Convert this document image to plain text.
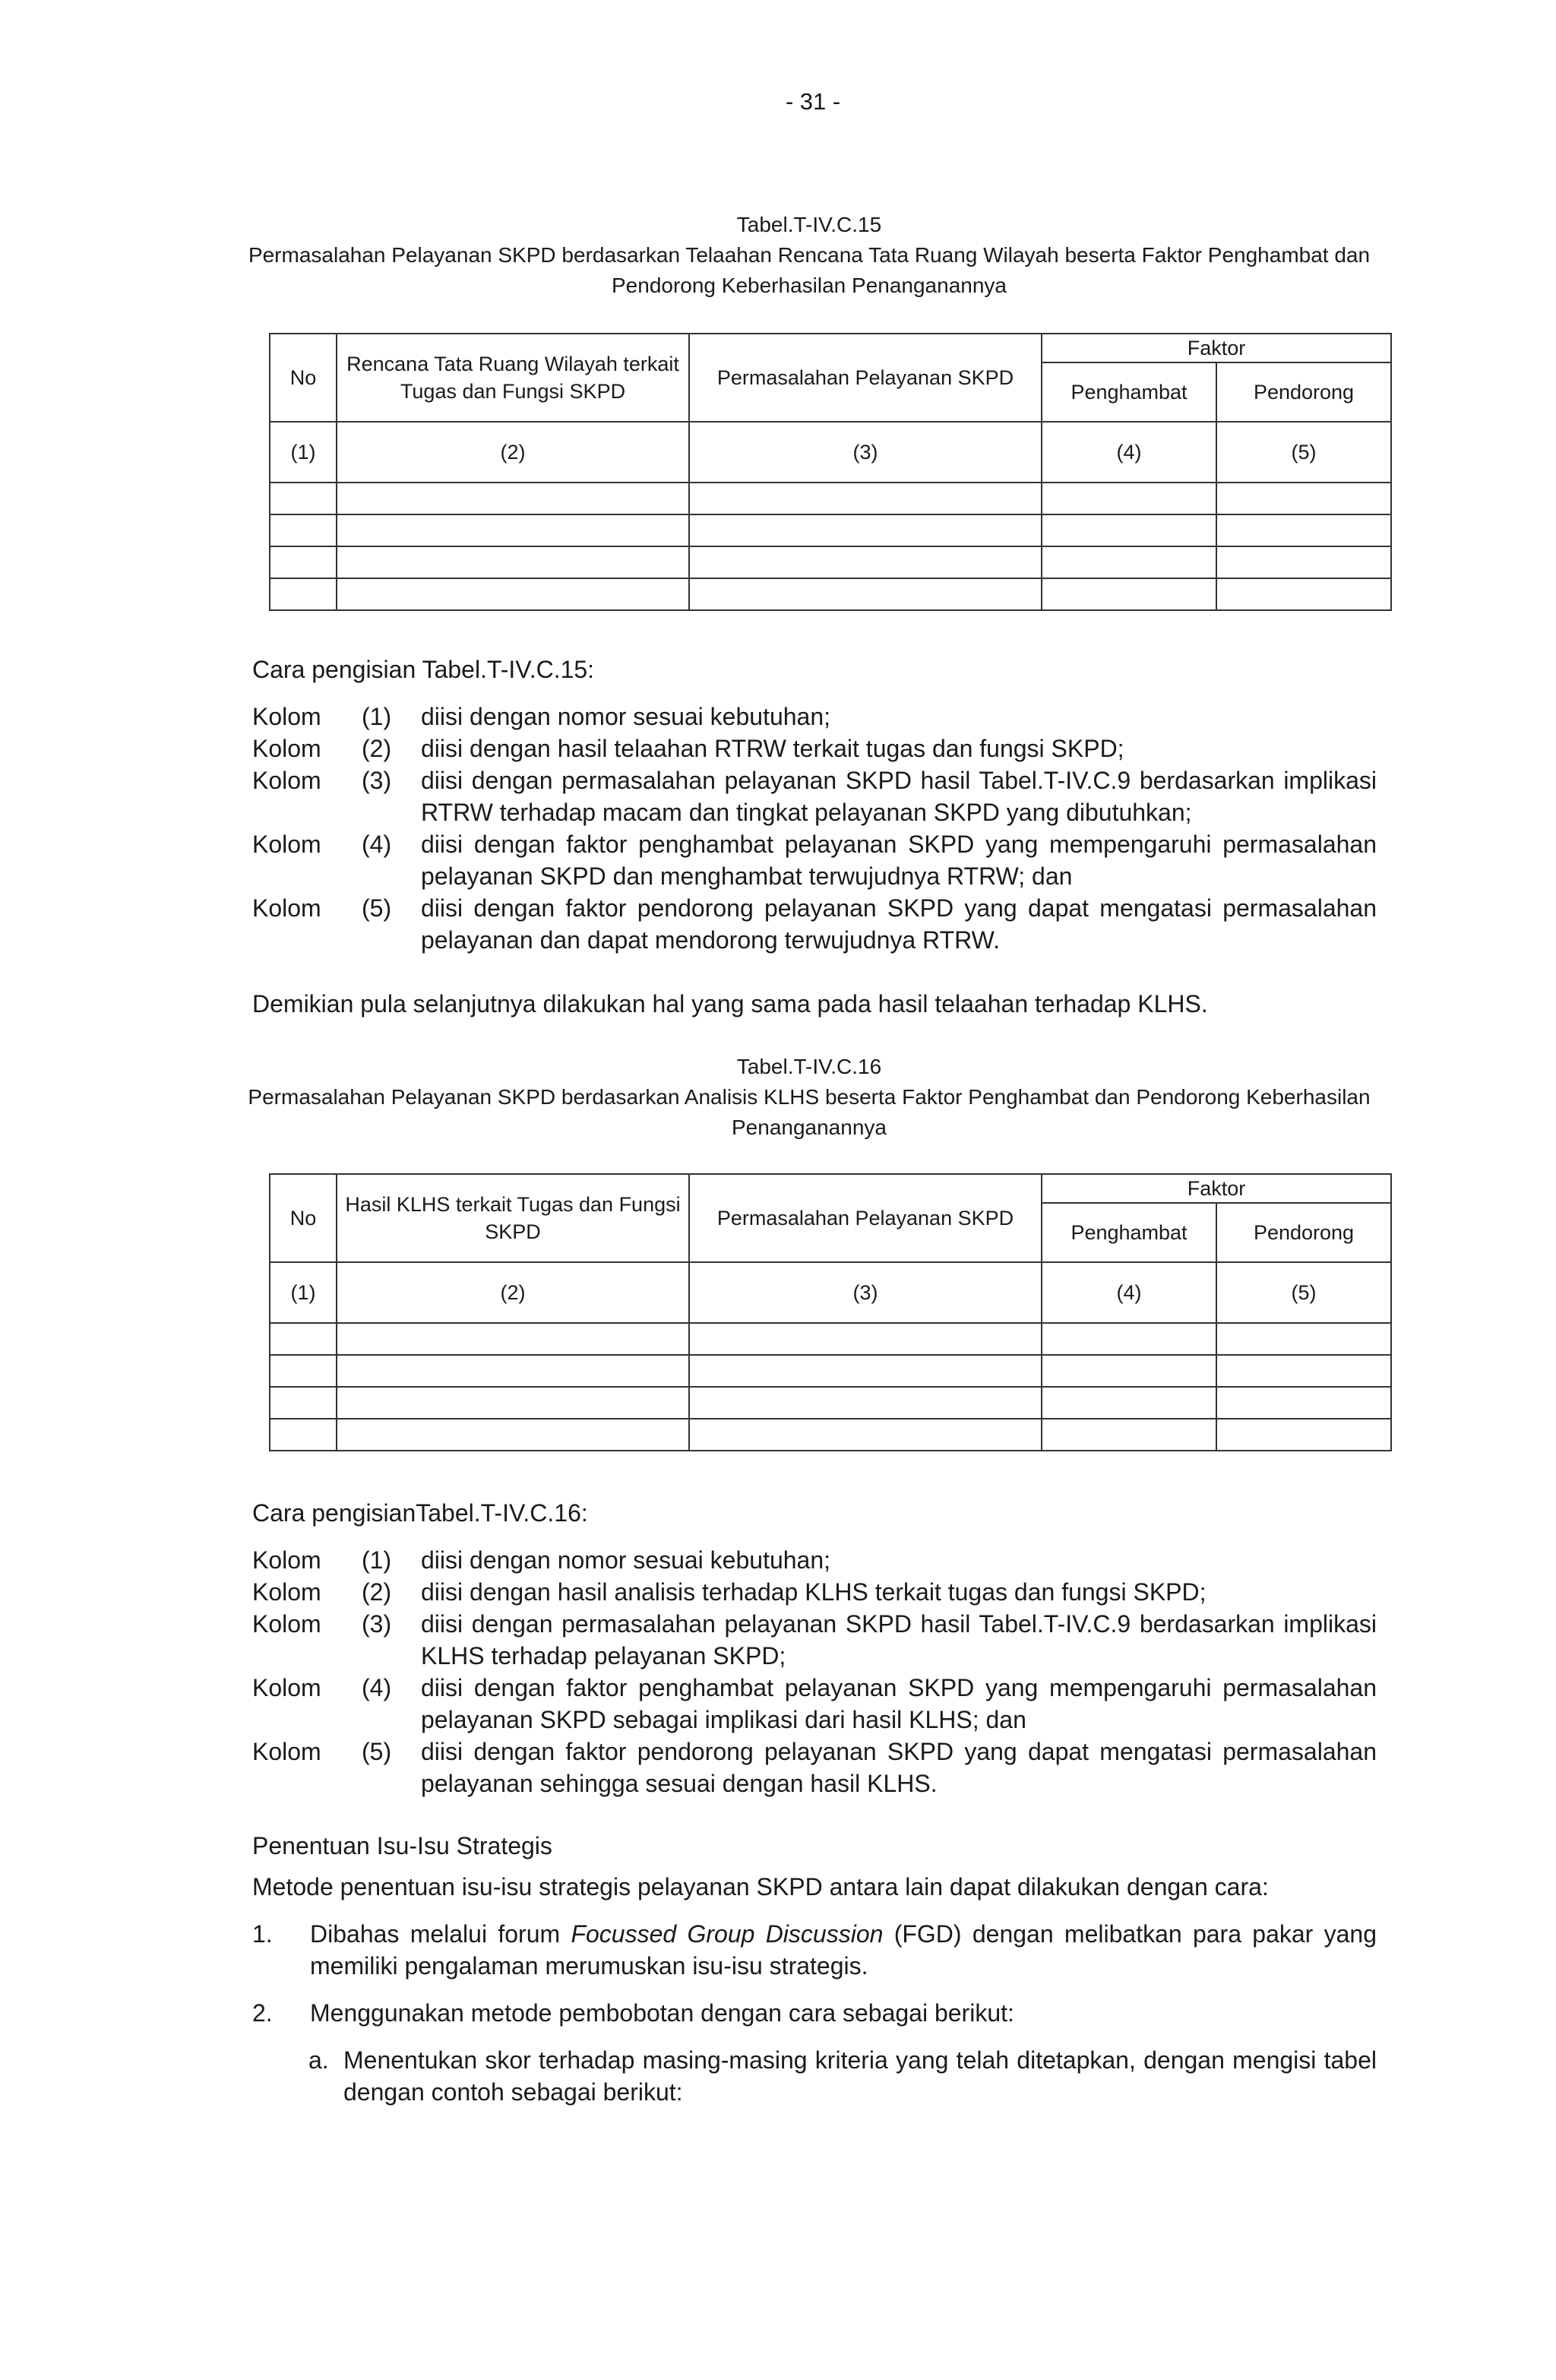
- 31 -
Tabel.T-IV.C.15
Permasalahan Pelayanan SKPD berdasarkan Telaahan Rencana Tata Ruang Wilayah beserta Faktor Penghambat dan Pendorong Keberhasilan Penanganannya
No	Rencana Tata Ruang Wilayah terkait Tugas dan Fungsi SKPD	Permasalahan Pelayanan SKPD	Faktor	
			Penghambat	Pendorong
(1)	(2)	(3)	(4)	(5)

Cara pengisian Tabel.T-IV.C.15:
Kolom	(1)	diisi dengan nomor sesuai kebutuhan;
Kolom	(2)	diisi dengan hasil telaahan RTRW terkait tugas dan fungsi SKPD;
Kolom	(3)	diisi dengan permasalahan pelayanan SKPD hasil Tabel.T-IV.C.9 berdasarkan implikasi RTRW terhadap macam dan tingkat pelayanan SKPD yang dibutuhkan;
Kolom	(4)	diisi dengan faktor penghambat pelayanan SKPD yang mempengaruhi permasalahan pelayanan SKPD dan menghambat terwujudnya RTRW; dan
Kolom	(5)	diisi dengan faktor pendorong pelayanan SKPD yang dapat mengatasi permasalahan pelayanan dan dapat mendorong terwujudnya RTRW.
Demikian pula selanjutnya dilakukan hal yang sama pada hasil telaahan terhadap KLHS.
Tabel.T-IV.C.16
Permasalahan Pelayanan SKPD berdasarkan Analisis KLHS beserta Faktor Penghambat dan Pendorong Keberhasilan Penanganannya
No	Hasil KLHS terkait Tugas dan Fungsi SKPD	Permasalahan Pelayanan SKPD	Faktor	
			Penghambat	Pendorong
(1)	(2)	(3)	(4)	(5)

Cara pengisianTabel.T-IV.C.16:
Kolom	(1)	diisi dengan nomor sesuai kebutuhan;
Kolom	(2)	diisi dengan hasil analisis terhadap KLHS terkait tugas dan fungsi SKPD;
Kolom	(3)	diisi dengan permasalahan pelayanan SKPD hasil Tabel.T-IV.C.9 berdasarkan implikasi KLHS terhadap pelayanan SKPD;
Kolom	(4)	diisi dengan faktor penghambat pelayanan SKPD yang mempengaruhi permasalahan pelayanan SKPD sebagai implikasi dari hasil KLHS; dan
Kolom	(5)	diisi dengan faktor pendorong pelayanan SKPD yang dapat mengatasi permasalahan pelayanan sehingga sesuai dengan hasil KLHS.
Penentuan Isu-Isu Strategis
Metode penentuan isu-isu strategis pelayanan SKPD antara lain dapat dilakukan dengan cara:
1.	Dibahas melalui forum Focussed Group Discussion (FGD) dengan melibatkan para pakar yang memiliki pengalaman merumuskan isu-isu strategis.
2.	Menggunakan metode pembobotan dengan cara sebagai berikut:
a. Menentukan skor terhadap masing-masing kriteria yang telah ditetapkan, dengan mengisi tabel dengan contoh sebagai berikut:
